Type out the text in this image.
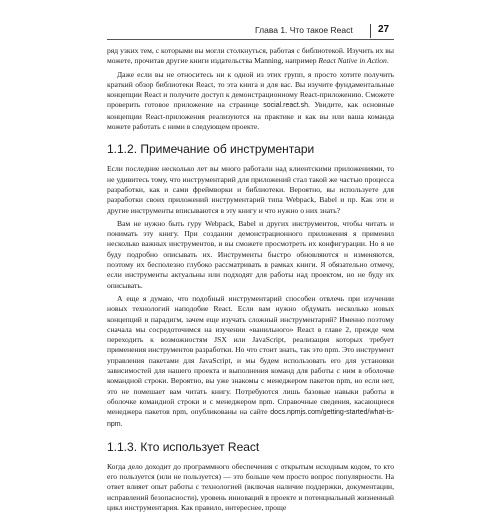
Глава 1. Что такое React	27

ряд узких тем, с которыми вы могли столкнуться, работая с библиотекой. Изучить их вы можете, прочитав другие книги издательства Manning, например React Native in Action.

Даже если вы не относитесь ни к одной из этих групп, я просто хотите получить краткий обзор библиотеки React, то эта книга и для вас. Вы изучите фундаментальные концепции React и получите доступ к демонстрационному React-приложению. Сможете проверить готовое приложение на странице social.react.sh. Увидите, как основные концепции React-приложения реализуются на практике и как вы или ваша команда можете работать с ними в следующем проекте.

1.1.2. Примечание об инструментари

Если последние несколько лет вы много работали над клиентскими приложениями, то не удивитесь тому, что инструментарий для приложений стал такой же частью процесса разработки, как и сами фреймворки и библиотеки. Вероятно, вы используете для разработки своих приложений инструментарий типа Webpack, Babel и пр. Как эти и другие инструменты вписываются в эту книгу и что нужно о них знать?

Вам не нужно быть гуру Webpack, Babel и других инструментов, чтобы читать и понимать эту книгу. При создании демонстрационного приложения я применил несколько важных инструментов, и вы сможете просмотреть их конфигурации. Но я не буду подробно описывать их. Инструменты быстро обновляются и изменяются, поэтому их бесполезно глубоко рассматривать в рамках книги. Я обязательно отмечу, если инструменты актуальны или подходят для работы над проектом, но не буду их описывать.

А еще я думаю, что подобный инструментарий способен отвлечь при изучении новых технологий наподобие React. Если вам нужно обдумать несколько новых концепций и парадигм, зачем еще изучать сложный инструментарий? Именно поэтому сначала мы сосредоточимся на изучении «ванильного» React в главе 2, прежде чем переходить к возможностям JSX или JavaScript, реализация которых требует применения инструментов разработки. Но что стоит знать, так это npm. Это инструмент управления пакетами для JavaScript, и мы будем использовать его для установки зависимостей для нашего проекта и выполнения команд для работы с ним в оболочке командной строки. Вероятно, вы уже знакомы с менеджером пакетов npm, но если нет, это не помешает вам читать книгу. Потребуются лишь базовые навыки работы в оболочке командной строки и с менеджером npm. Справочные сведения, касающиеся менеджера пакетов npm, опубликованы на сайте docs.npmjs.com/getting-started/what-is-npm.

1.1.3. Кто использует React

Когда дело доходит до программного обеспечения с открытым исходным кодом, то кто его пользуется (или не пользуется) — это больше чем просто вопрос популярности. На ответ влияет опыт работы с технологией (включая наличие поддержки, документации, исправлений безопасности), уровень инноваций в проекте и потенциальный жизненный цикл инструментария. Как правило, интереснее, проще
